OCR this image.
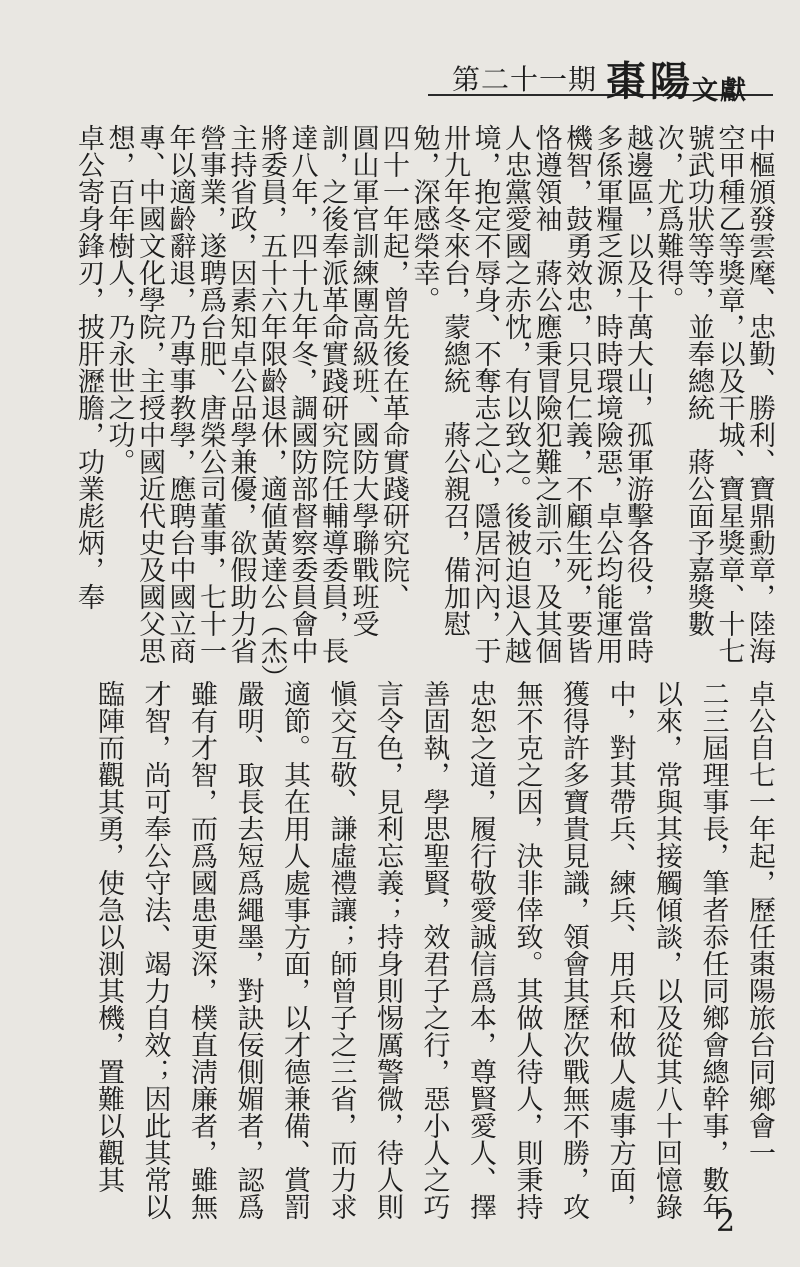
第二十一期 棗陽
文獻
中樞頒發雲麾、忠勤、勝利、寶鼎勳章，陸海
空甲種乙等獎章，以及干城、寶星獎章、十七
號武功狀等等，並奉總統　蔣公面予嘉獎數
次，尤爲難得。
越邊區，以及十萬大山，孤軍游擊各役，當時
多係軍糧乏源，時時環境險惡，卓公均能運用
機智，鼓勇效忠，只見仁義，不顧生死，要皆
恪遵領袖　蔣公應秉冒險犯難之訓示，及其個
人忠黨愛國之赤忱，有以致之。後被迫退入越
境，抱定不辱身、不奪志之心，隱居河內，于
卅九年冬來台，蒙總統　蔣公親召，備加慰
勉，深感榮幸。
四十一年起，曾先後在革命實踐研究院、
圓山軍官訓練團高級班、國防大學聯戰班受
訓，之後奉派革命實踐研究院任輔導委員，長
達八年，四十九年冬，調國防部督察委員會中
將委員，五十六年限齡退休，適値黃達公（杰）
主持省政，因素知卓公品學兼優，欲假助力省
營事業，遂聘爲台肥、唐榮公司董事，七十一
年以適齡辭退，乃專事教學，應聘台中國立商
專、中國文化學院，主授中國近代史及國父思
想，百年樹人，乃永世之功。
卓公寄身鋒刃，披肝瀝膽，功業彪炳，奉
卓公自七一年起，歷任棗陽旅台同鄉會一
二三屆理事長，筆者忝任同鄉會總幹事，數年
以來，常與其接觸傾談，以及從其八十回憶錄
中，對其帶兵、練兵、用兵和做人處事方面，
獲得許多寶貴見識，領會其歷次戰無不勝，攻
無不克之因，決非倖致。其做人待人，則秉持
忠恕之道，履行敬愛誠信爲本，尊賢愛人、擇
善固執，學思聖賢，效君子之行，惡小人之巧
言令色，見利忘義；持身則惕厲警微，待人則
愼交互敬、謙虛禮讓；師曾子之三省，而力求
適節。其在用人處事方面，以才德兼備、賞罰
嚴明、取長去短爲繩墨，對訣佞側媚者，認爲
雖有才智，而爲國患更深，樸直淸廉者，雖無
才智，尚可奉公守法、竭力自效；因此其常以
臨陣而觀其勇，使急以測其機，置難以觀其
2
